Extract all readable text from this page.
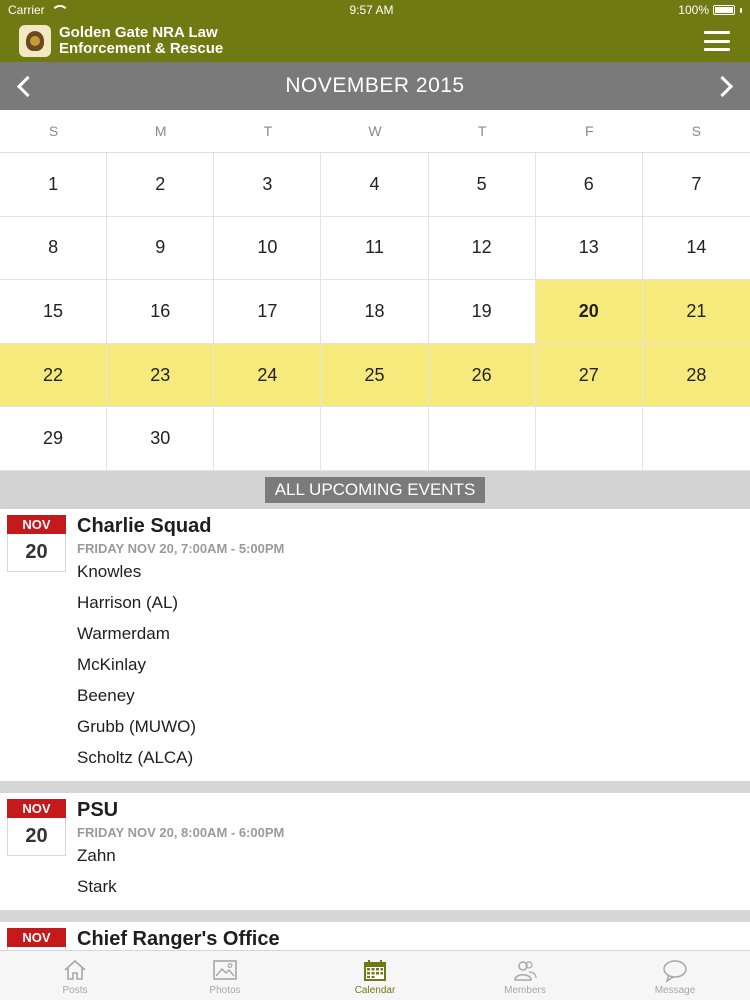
Carrier	9:57 AM	100%
Golden Gate NRA Law
Enforcement & Rescue
NOVEMBER 2015
S	M	T	W	T	F	S
1	2	3	4	5	6	7
8	9	10	11	12	13	14
15	16	17	18	19	20	21
22	23	24	25	26	27	28
29	30
ALL UPCOMING EVENTS
NOV
20
Charlie Squad
FRIDAY NOV 20, 7:00AM - 5:00PM
Knowles
Harrison (AL)
Warmerdam
McKinlay
Beeney
Grubb (MUWO)
Scholtz (ALCA)
NOV
20
PSU
FRIDAY NOV 20, 8:00AM - 6:00PM
Zahn
Stark
NOV	Chief Ranger's Office
Posts	Photos	Calendar	Members	Message
